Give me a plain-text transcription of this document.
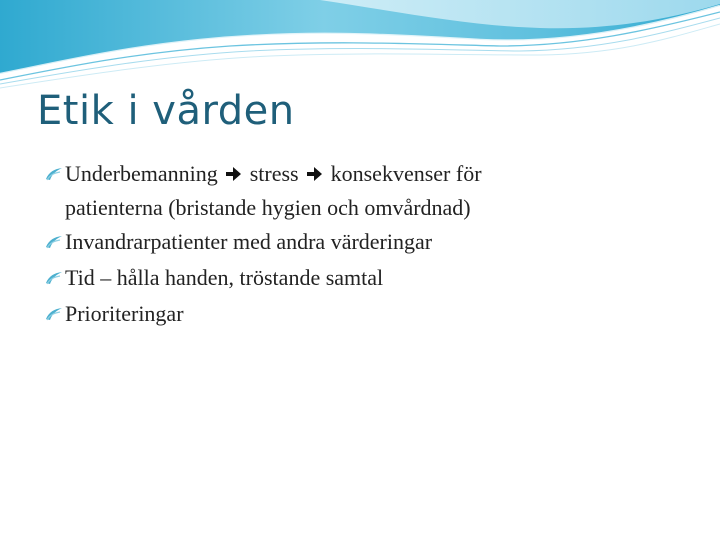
Etik i vården
Underbemanning  stress  konsekvenser för
patienterna (bristande hygien och omvårdnad)
Invandrarpatienter med andra värderingar
Tid – hålla handen, tröstande samtal
Prioriteringar
